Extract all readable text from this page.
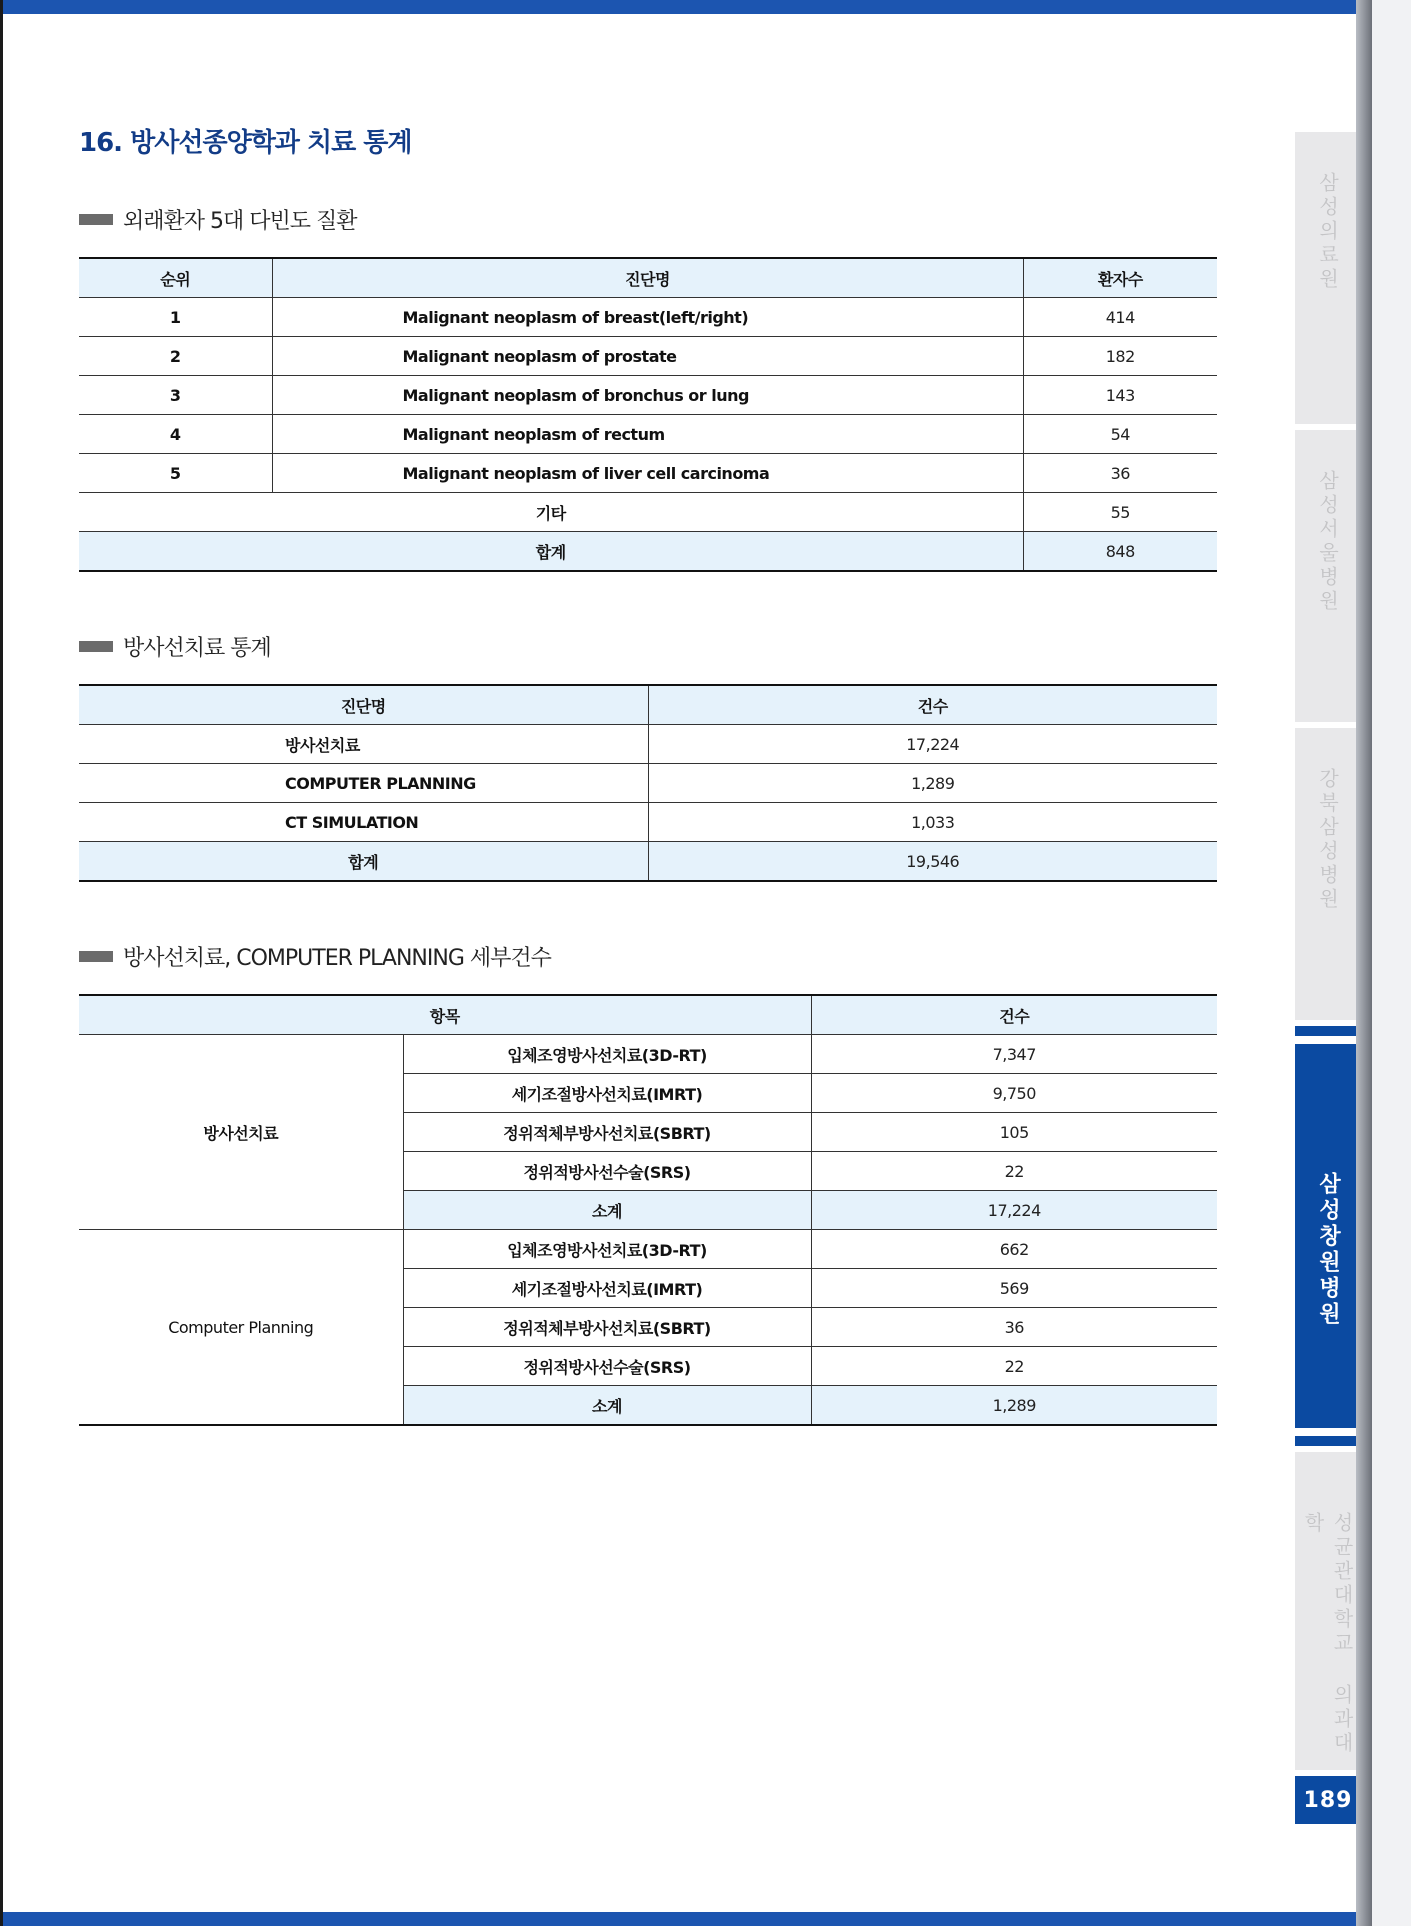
16. 방사선종양학과 치료 통계
외래환자 5대 다빈도 질환
순위	진단명	환자수
1	Malignant neoplasm of breast(left/right)	414
2	Malignant neoplasm of prostate	182
3	Malignant neoplasm of bronchus or lung	143
4	Malignant neoplasm of rectum	54
5	Malignant neoplasm of liver cell carcinoma	36
기타		55
합계		848
방사선치료 통계
진단명	건수
방사선치료	17,224
COMPUTER PLANNING	1,289
CT SIMULATION	1,033
합계	19,546
방사선치료, COMPUTER PLANNING 세부건수
항목		건수
방사선치료	입체조영방사선치료(3D-RT)	7,347
	세기조절방사선치료(IMRT)	9,750
	정위적체부방사선치료(SBRT)	105
	정위적방사선수술(SRS)	22
	소계	17,224
Computer Planning	입체조영방사선치료(3D-RT)	662
	세기조절방사선치료(IMRT)	569
	정위적체부방사선치료(SBRT)	36
	정위적방사선수술(SRS)	22
	소계	1,289
삼성의료원
삼성서울병원
강북삼성병원
삼성창원병원
성균관대학교 의과대학
189
